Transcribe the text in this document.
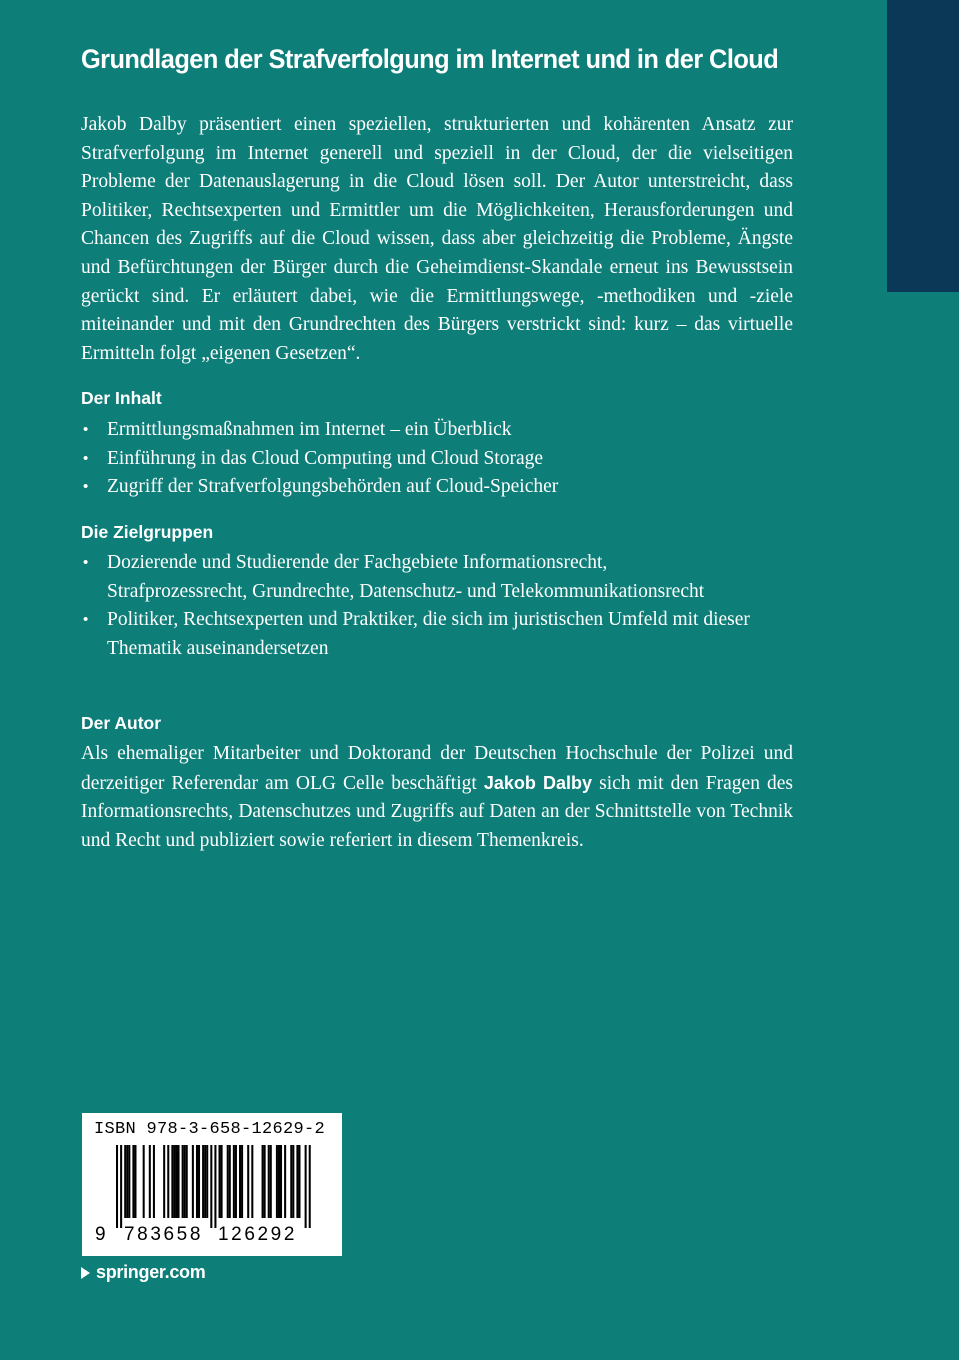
Grundlagen der Strafverfolgung im Internet und in der Cloud

Jakob Dalby präsentiert einen speziellen, strukturierten und kohärenten Ansatz zur Strafverfolgung im Internet generell und speziell in der Cloud, der die vielseitigen Probleme der Datenauslagerung in die Cloud lösen soll. Der Autor unterstreicht, dass Politiker, Rechtsexperten und Ermittler um die Möglichkeiten, Herausforderungen und Chancen des Zugriffs auf die Cloud wissen, dass aber gleichzeitig die Probleme, Ängste und Befürchtungen der Bürger durch die Geheimdienst-Skandale erneut ins Bewusstsein gerückt sind. Er erläutert dabei, wie die Ermittlungswege, -methodiken und -ziele miteinander und mit den Grundrechten des Bürgers verstrickt sind: kurz – das virtuelle Ermitteln folgt „eigenen Gesetzen“.

Der Inhalt
• Ermittlungsmaßnahmen im Internet – ein Überblick
• Einführung in das Cloud Computing und Cloud Storage
• Zugriff der Strafverfolgungsbehörden auf Cloud-Speicher
Die Zielgruppen
• Dozierende und Studierende der Fachgebiete Informationsrecht, Strafprozessrecht, Grundrechte, Datenschutz- und Telekommunikationsrecht
• Politiker, Rechtsexperten und Praktiker, die sich im juristischen Umfeld mit dieser Thematik auseinandersetzen
Der Autor

Als ehemaliger Mitarbeiter und Doktorand der Deutschen Hochschule der Polizei und derzeitiger Referendar am OLG Celle beschäftigt Jakob Dalby sich mit den Fragen des Informationsrechts, Datenschutzes und Zugriffs auf Daten an der Schnittstelle von Technik und Recht und publiziert sowie referiert in diesem Themenkreis.

ISBN 978-3-658-12629-2
9 783658 126292
springer.com
